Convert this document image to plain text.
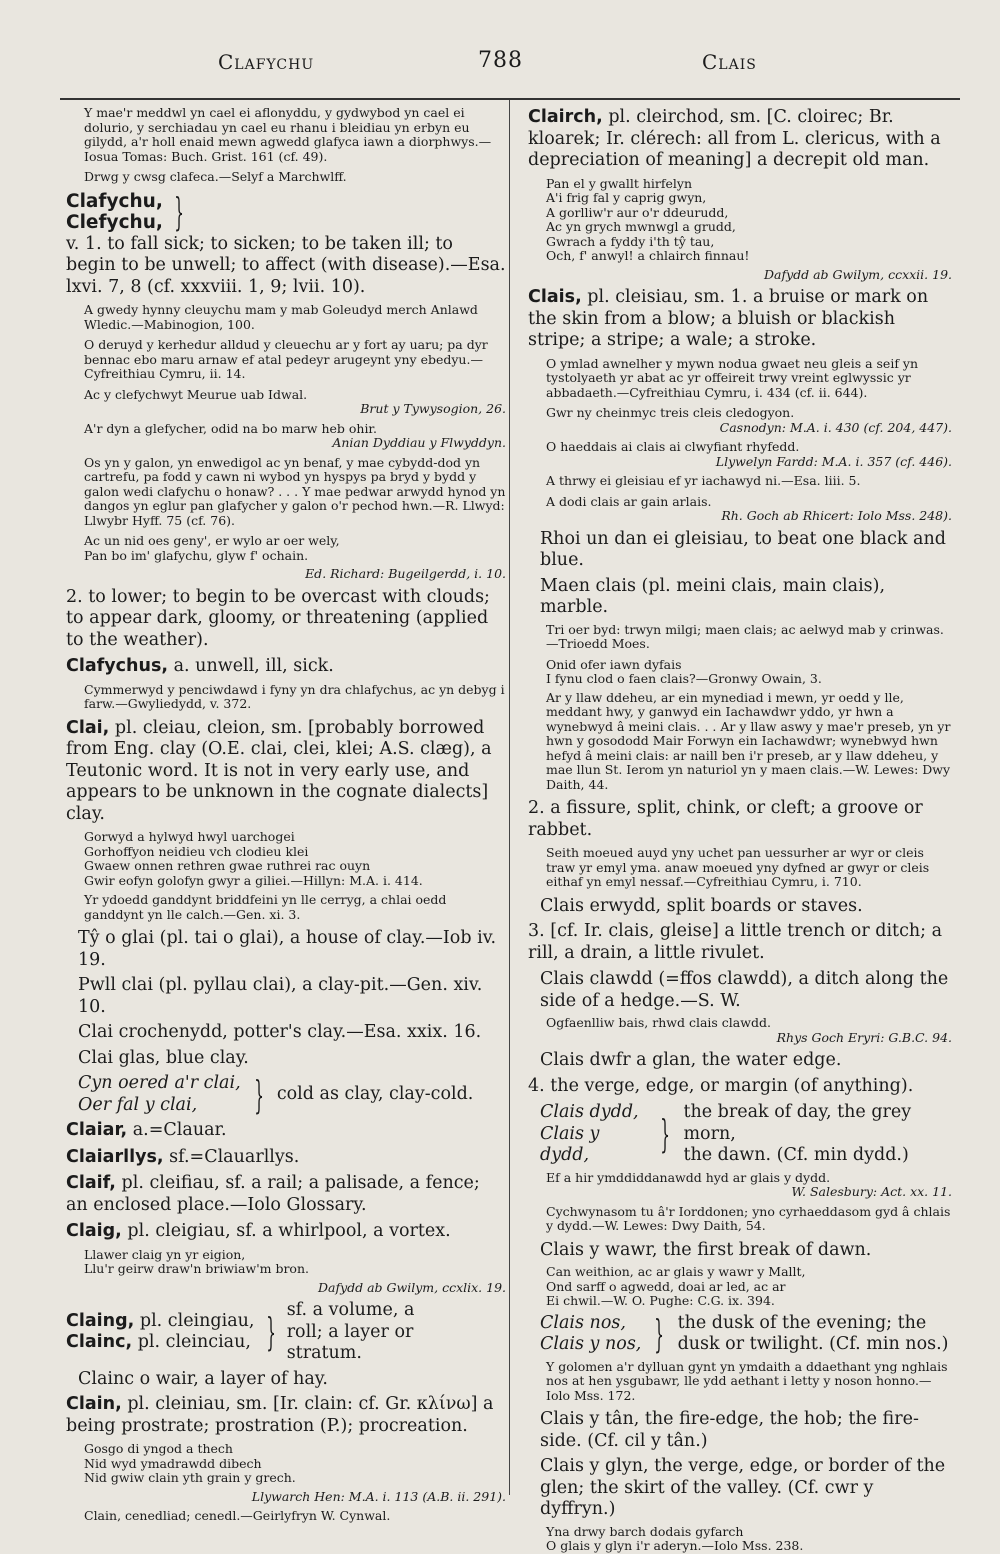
Clafychu	788	Clais

Y mae'r meddwl yn cael ei aflonyddu, y gydwybod yn cael ei dolurio, y serchiadau yn cael eu rhanu i bleidiau yn erbyn eu gilydd, a'r holl enaid mewn agwedd glafyca iawn a diorphwys.—Iosua Tomas: Buch. Grist. 161 (cf. 49).

Drwg y cwsg clafeca.—Selyf a Marchwlff.

Clafychu,
Clefychu, }

v. 1. to fall sick; to sicken; to be taken ill; to begin to be unwell; to affect (with disease).—Esa. lxvi. 7, 8 (cf. xxxviii. 1, 9; lvii. 10).

A gwedy hynny cleuychu mam y mab Goleudyd merch Anlawd Wledic.—Mabinogion, 100.

O deruyd y kerhedur alldud y cleuechu ar y fort ay uaru; pa dyr bennac ebo maru arnaw ef atal pedeyr arugeynt yny ebedyu.—Cyfreithiau Cymru, ii. 14.

Ac y clefychwyt Meurue uab Idwal.

Brut y Tywysogion, 26.

A'r dyn a glefycher, odid na bo marw heb ohir.

Anian Dyddiau y Flwyddyn.

Os yn y galon, yn enwedigol ac yn benaf, y mae cybydd-dod yn cartrefu, pa fodd y cawn ni wybod yn hyspys pa bryd y bydd y galon wedi clafychu o honaw? . . . Y mae pedwar arwydd hynod yn dangos yn eglur pan glafycher y galon o'r pechod hwn.—R. Llwyd: Llwybr Hyff. 75 (cf. 76).

Ac un nid oes geny', er wylo ar oer wely,
Pan bo im' glafychu, glyw f' ochain.

Ed. Richard: Bugeilgerdd, i. 10.

2. to lower; to begin to be overcast with clouds; to appear dark, gloomy, or threatening (applied to the weather).

Clafychus, a. unwell, ill, sick.

Cymmerwyd y penciwdawd i fyny yn dra chlafychus, ac yn debyg i farw.—Gwyliedydd, v. 372.

Clai, pl. cleiau, cleion, sm. [probably borrowed from Eng. clay (O.E. clai, clei, klei; A.S. clæg), a Teutonic word. It is not in very early use, and appears to be unknown in the cognate dialects] clay.

Gorwyd a hylwyd hwyl uarchogei
Gorhoffyon neidieu vch clodieu klei
Gwaew onnen rethren gwae ruthrei rac ouyn
Gwir eofyn golofyn gwyr a giliei.—Hillyn: M.A. i. 414.

Yr ydoedd ganddynt briddfeini yn lle cerryg, a chlai oedd ganddynt yn lle calch.—Gen. xi. 3.

Tŷ o glai (pl. tai o glai), a house of clay.—Iob iv. 19.

Pwll clai (pl. pyllau clai), a clay-pit.—Gen. xiv. 10.

Clai crochenydd, potter's clay.—Esa. xxix. 16.

Clai glas, blue clay.

Cyn oered a'r clai,
Oer fal y clai,	} cold as clay, clay-cold.

Claiar, a.=Clauar.

Claiarllys, sf.=Clauarllys.

Claif, pl. cleifiau, sf. a rail; a palisade, a fence; an enclosed place.—Iolo Glossary.

Claig, pl. cleigiau, sf. a whirlpool, a vortex.

Llawer claig yn yr eigion,
Llu'r geirw draw'n briwiaw'm bron.

Dafydd ab Gwilym, ccxlix. 19.

Claing, pl. cleingiau,
Clainc, pl. cleinciau, }
sf. a volume, a roll; a layer or stratum.

Clainc o wair, a layer of hay.

Clain, pl. cleiniau, sm. [Ir. clain: cf. Gr. κλίνω] a being prostrate; prostration (P.); procreation.

Gosgo di yngod a thech
Nid wyd ymadrawdd dibech
Nid gwiw clain yth grain y grech.

Llywarch Hen: M.A. i. 113 (A.B. ii. 291).

Clain, cenedliad; cenedl.—Geirlyfryn W. Cynwal.

Clairch, pl. cleirchod, sm. [C. cloirec; Br. kloarek; Ir. clérech: all from L. clericus, with a depreciation of meaning] a decrepit old man.

Pan el y gwallt hirfelyn
A'i frig fal y caprig gwyn,
A gorlliw'r aur o'r ddeurudd,
Ac yn grych mwnwgl a grudd,
Gwrach a fyddy i'th tŷ tau,
Och, f' anwyl! a chlairch finnau!

Dafydd ab Gwilym, ccxxii. 19.

Clais, pl. cleisiau, sm. 1. a bruise or mark on the skin from a blow; a bluish or blackish stripe; a stripe; a wale; a stroke.

O ymlad awnelher y mywn nodua gwaet neu gleis a seif yn tystolyaeth yr abat ac yr offeireit trwy vreint eglwyssic yr abbadaeth.—Cyfreithiau Cymru, i. 434 (cf. ii. 644).

Gwr ny cheinmyc treis cleis cledogyon.

Casnodyn: M.A. i. 430 (cf. 204, 447).

O haeddais ai clais ai clwyfiant rhyfedd.

Llywelyn Fardd: M.A. i. 357 (cf. 446).

A thrwy ei gleisiau ef yr iachawyd ni.—Esa. liii. 5.

A dodi clais ar gain arlais.

Rh. Goch ab Rhicert: Iolo Mss. 248).

Rhoi un dan ei gleisiau, to beat one black and blue.

Maen clais (pl. meini clais, main clais), marble.

Tri oer byd: trwyn milgi; maen clais; ac aelwyd mab y crinwas.—Trioedd Moes.

Onid ofer iawn dyfais
I fynu clod o faen clais?—Gronwy Owain, 3.

Ar y llaw ddeheu, ar ein mynediad i mewn, yr oedd y lle, meddant hwy, y ganwyd ein Iachawdwr yddo, yr hwn a wynebwyd â meini clais. . . Ar y llaw aswy y mae'r preseb, yn yr hwn y gosododd Mair Forwyn ein Iachawdwr; wynebwyd hwn hefyd â meini clais: ar naill ben i'r preseb, ar y llaw ddeheu, y mae llun St. Ierom yn naturiol yn y maen clais.—W. Lewes: Dwy Daith, 44.

2. a fissure, split, chink, or cleft; a groove or rabbet.

Seith moeued auyd yny uchet pan uessurher ar wyr or cleis traw yr emyl yma. anaw moeued yny dyfned ar gwyr or cleis eithaf yn emyl nessaf.—Cyfreithiau Cymru, i. 710.

Clais erwydd, split boards or staves.

3. [cf. Ir. clais, gleise] a little trench or ditch; a rill, a drain, a little rivulet.

Clais clawdd (=ffos clawdd), a ditch along the side of a hedge.—S. W.

Ogfaenlliw bais, rhwd clais clawdd.

Rhys Goch Eryri: G.B.C. 94.

Clais dwfr a glan, the water edge.

4. the verge, edge, or margin (of anything).

Clais dydd,
Clais y dydd,	}
the break of day, the grey morn,
the dawn. (Cf. min dydd.)

Ef a hir ymddiddanawdd hyd ar glais y dydd.

W. Salesbury: Act. xx. 11.

Cychwynasom tu â'r Iorddonen; yno cyrhaeddasom gyd â chlais y dydd.—W. Lewes: Dwy Daith, 54.

Clais y wawr, the first break of dawn.

Can weithion, ac ar glais y wawr y Mallt,
Ond sarff o agwedd, doai ar led, ac ar
Ei chwil.—W. O. Pughe: C.G. ix. 394.
Clais nos,
Clais y nos, } the dusk of the evening; the
dusk or twilight. (Cf. min nos.)

Y golomen a'r dylluan gynt yn ymdaith a ddaethant yng nghlais nos at hen ysgubawr, lle ydd aethant i letty y noson honno.—Iolo Mss. 172.

Clais y tân, the fire-edge, the hob; the fire-side. (Cf. cil y tân.)

Clais y glyn, the verge, edge, or border of the glen; the skirt of the valley. (Cf. cwr y dyffryn.)

Yna drwy barch dodais gyfarch
O glais y glyn i'r aderyn.—Iolo Mss. 238.
